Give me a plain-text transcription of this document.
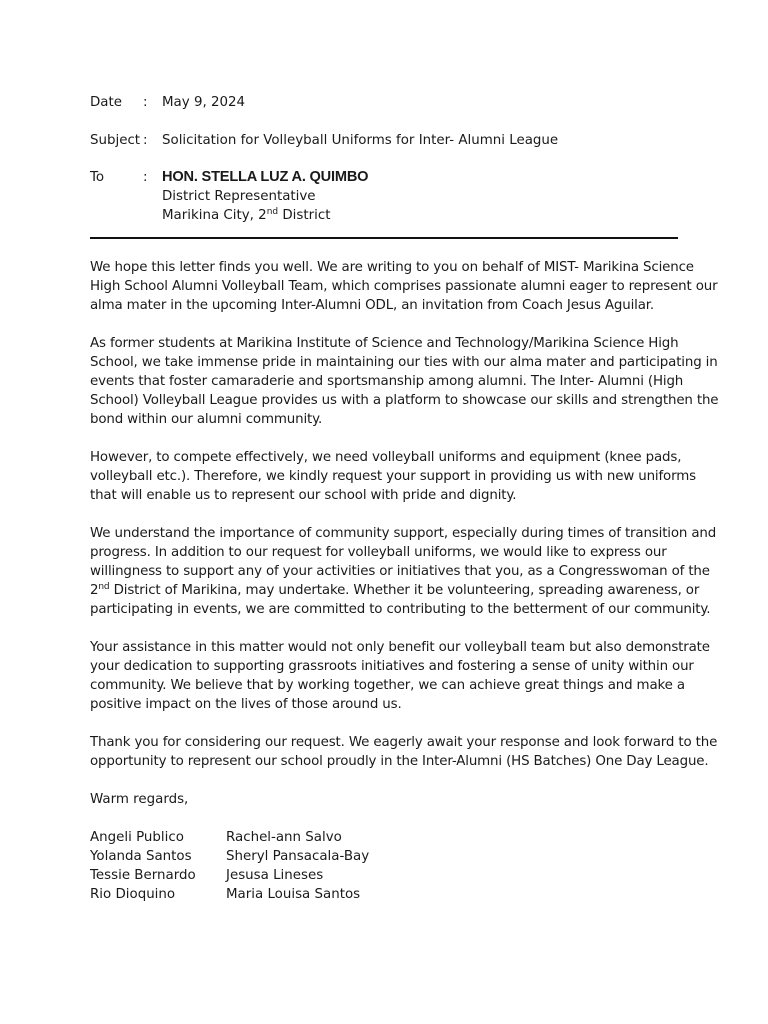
Date	:	May 9, 2024
Subject :	Solicitation for Volleyball Uniforms for Inter- Alumni League
To	: HON. STELLA LUZ A. QUIMBO
District Representative
Marikina City, 2nd District

We hope this letter finds you well. We are writing to you on behalf of MIST- Marikina Science
High School Alumni Volleyball Team, which comprises passionate alumni eager to represent our
alma mater in the upcoming Inter-Alumni ODL, an invitation from Coach Jesus Aguilar.

As former students at Marikina Institute of Science and Technology/Marikina Science High
School, we take immense pride in maintaining our ties with our alma mater and participating in
events that foster camaraderie and sportsmanship among alumni. The Inter- Alumni (High
School) Volleyball League provides us with a platform to showcase our skills and strengthen the
bond within our alumni community.

However, to compete effectively, we need volleyball uniforms and equipment (knee pads,
volleyball etc.). Therefore, we kindly request your support in providing us with new uniforms
that will enable us to represent our school with pride and dignity.

We understand the importance of community support, especially during times of transition and
progress. In addition to our request for volleyball uniforms, we would like to express our
willingness to support any of your activities or initiatives that you, as a Congresswoman of the
2nd District of Marikina, may undertake. Whether it be volunteering, spreading awareness, or
participating in events, we are committed to contributing to the betterment of our community.

Your assistance in this matter would not only benefit our volleyball team but also demonstrate
your dedication to supporting grassroots initiatives and fostering a sense of unity within our
community. We believe that by working together, we can achieve great things and make a
positive impact on the lives of those around us.

Thank you for considering our request. We eagerly await your response and look forward to the
opportunity to represent our school proudly in the Inter-Alumni (HS Batches) One Day League.

Warm regards,
Angeli Publico	Rachel-ann Salvo
Yolanda Santos	Sheryl Pansacala-Bay
Tessie Bernardo	Jesusa Lineses
Rio Dioquino	Maria Louisa Santos
